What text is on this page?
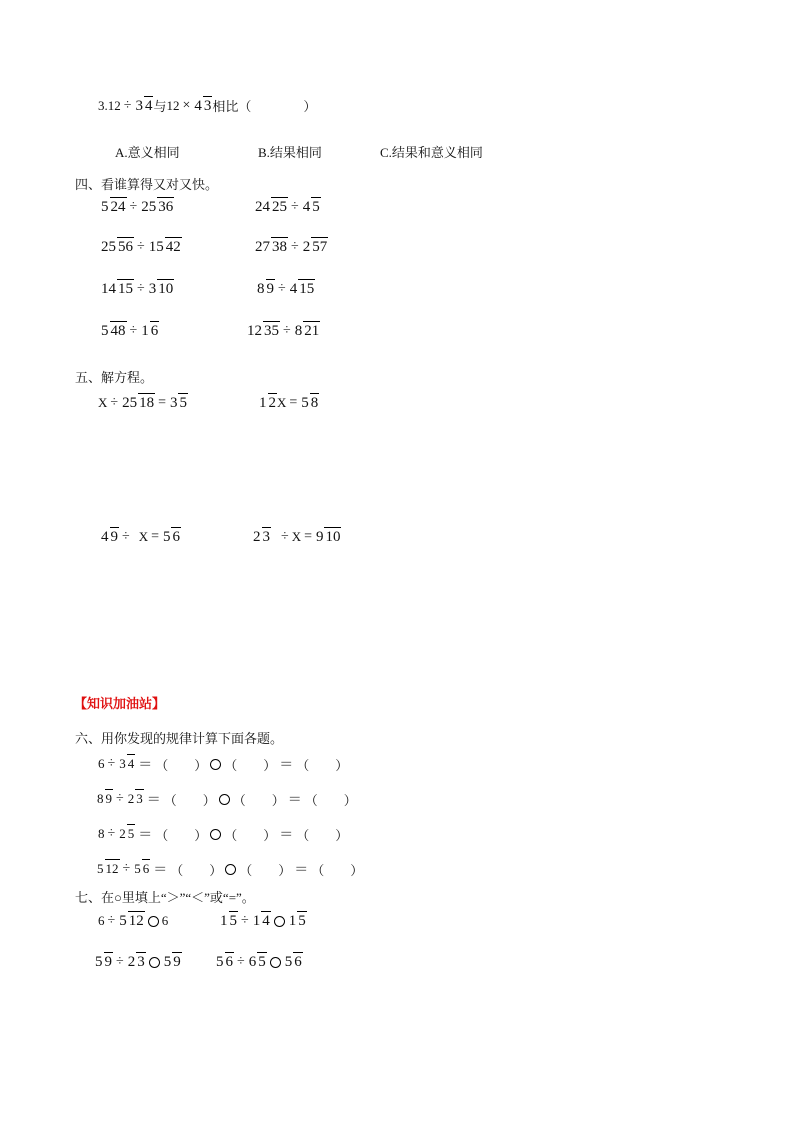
3. 12 ÷ 3 4 与 12 × 4 3 相比（　　　　）
A.意义相同	B.结果相同	C.结果和意义相同
四、看谁算得又对又快。
5 24 ÷ 25 36	24 25 ÷ 4 5
25 56 ÷ 15 42	27 38 ÷ 2 57
14 15 ÷ 3 10	8 9 ÷ 4 15
5 48 ÷ 1 6	12 35 ÷ 8 21
五、解方程。
X ÷ 25 18 = 3 5	1 2 X = 5 8
4 9 ÷ X = 5 6	2 3 ÷ X = 9 10
【知识加油站】
六、用你发现的规律计算下面各题。
6 ÷ 3 4 ＝ （　　） （　　） ＝ （　　）
8 9 ÷ 2 3 ＝ （　　） （　　） ＝ （　　）
8 ÷ 2 5 ＝ （　　） （　　） ＝ （　　）
5 12 ÷ 5 6 ＝ （　　） （　　） ＝ （　　）
七、在○里填上“＞”“＜”或“=”。
6 ÷ 5 12 6	1 5 ÷ 1 4 1 5
5 9 ÷ 2 3 5 9 5 6 ÷ 6 5 5 6
